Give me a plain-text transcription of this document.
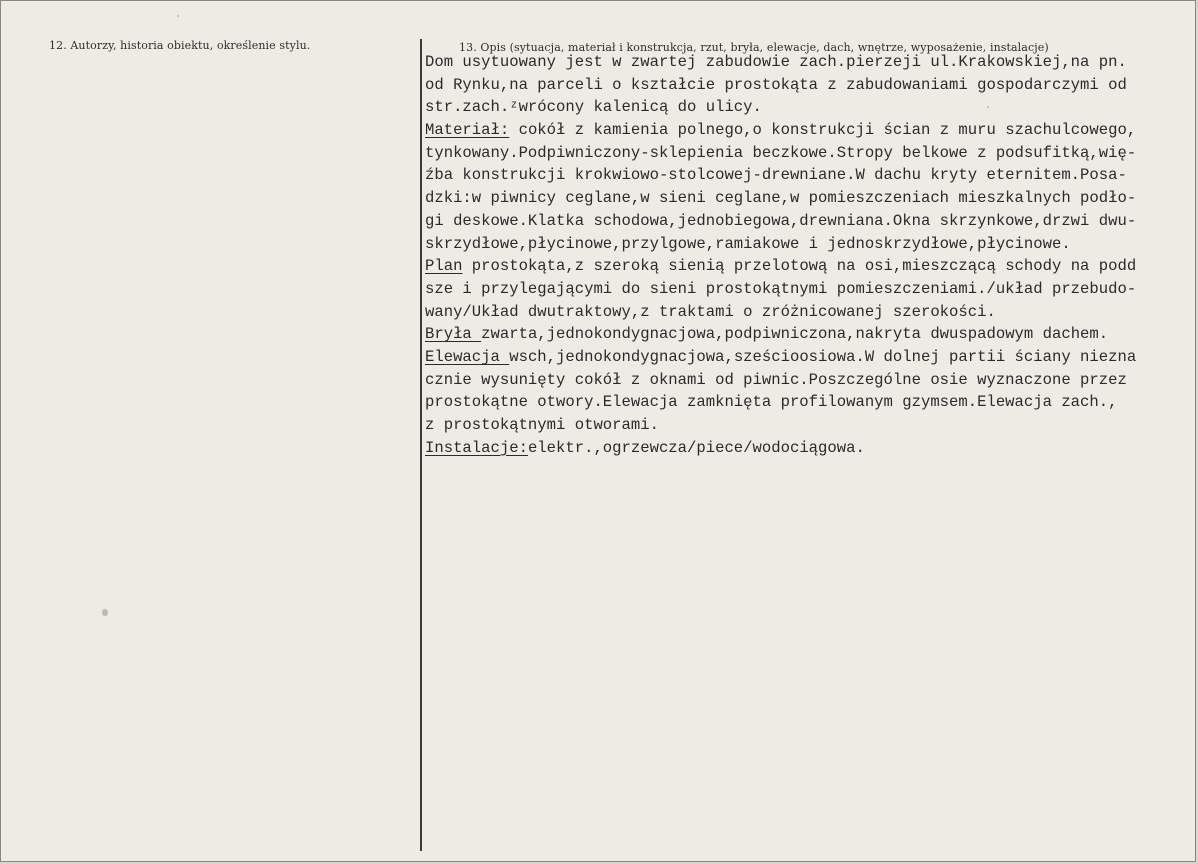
12. Autorzy, historia obiektu, określenie stylu.	13. Opis (sytuacja, materiał i konstrukcja, rzut, bryła, elewacje, dach, wnętrze, wyposażenie, instalacje)
Dom usytuowany jest w zwartej zabudowie zach.pierzeji ul.Krakowskiej,na pn.
od Rynku,na parceli o kształcie prostokąta z zabudowaniami gospodarczymi od
str.zach.ᶻwrócony kalenicą do ulicy.
Materiał: cokół z kamienia polnego,o konstrukcji ścian z muru szachulcowego,
tynkowany.Podpiwniczony-sklepienia beczkowe.Stropy belkowe z podsufitką,wię-
źba konstrukcji krokwiowo-stolcowej-drewniane.W dachu kryty eternitem.Posa-
dzki:w piwnicy ceglane,w sieni ceglane,w pomieszczeniach mieszkalnych podło-
gi deskowe.Klatka schodowa,jednobiegowa,drewniana.Okna skrzynkowe,drzwi dwu-
skrzydłowe,płycinowe,przylgowe,ramiakowe i jednoskrzydłowe,płycinowe.
Plan prostokąta,z szeroką sienią przelotową na osi,mieszczącą schody na podd
sze i przylegającymi do sieni prostokątnymi pomieszczeniami./układ przebudo-
wany/Układ dwutraktowy,z traktami o zróżnicowanej szerokości.
Bryła zwarta,jednokondygnacjowa,podpiwniczona,nakryta dwuspadowym dachem.
Elewacja wsch,jednokondygnacjowa,sześcioosiowa.W dolnej partii ściany niezna
cznie wysunięty cokół z oknami od piwnic.Poszczególne osie wyznaczone przez
prostokątne otwory.Elewacja zamknięta profilowanym gzymsem.Elewacja zach.,
z prostokątnymi otworami.
Instalacje:elektr.,ogrzewcza/piece/wodociągowa.
